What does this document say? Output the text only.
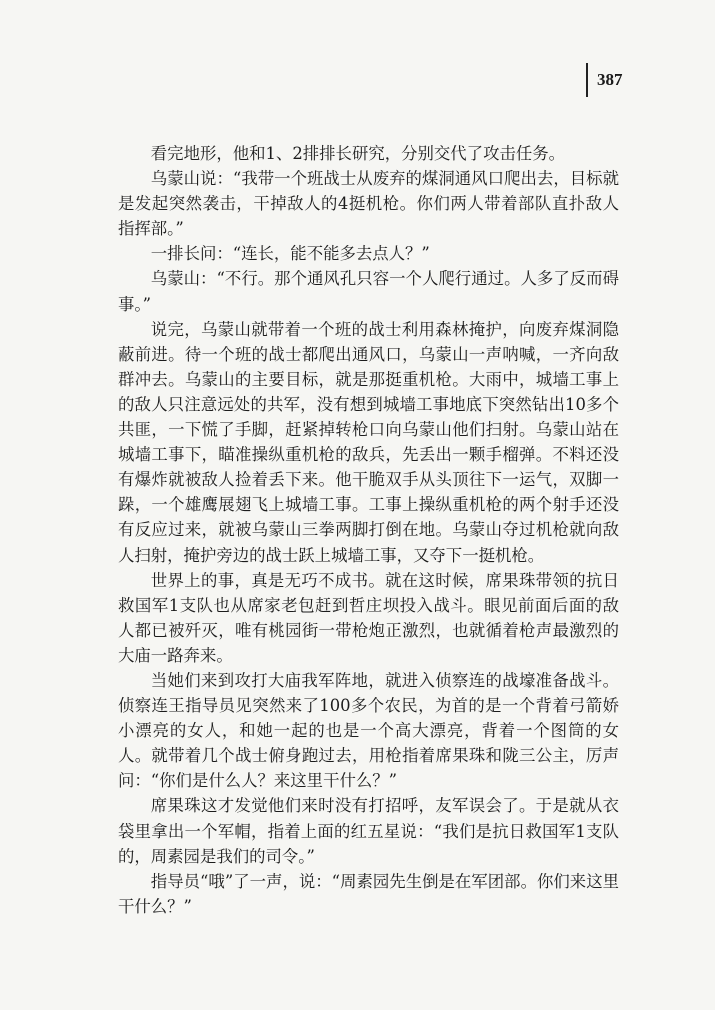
387

看完地形，他和1、2排排长研究，分别交代了攻击任务。

乌蒙山说：“我带一个班战士从废弃的煤洞通风口爬出去，目标就是发起突然袭击，干掉敌人的4挺机枪。你们两人带着部队直扑敌人指挥部。”

一排长问：“连长，能不能多去点人？”

乌蒙山：“不行。那个通风孔只容一个人爬行通过。人多了反而碍事。”

说完，乌蒙山就带着一个班的战士利用森林掩护，向废弃煤洞隐蔽前进。待一个班的战士都爬出通风口，乌蒙山一声呐喊，一齐向敌群冲去。乌蒙山的主要目标，就是那挺重机枪。大雨中，城墙工事上的敌人只注意远处的共军，没有想到城墙工事地底下突然钻出10多个共匪，一下慌了手脚，赶紧掉转枪口向乌蒙山他们扫射。乌蒙山站在城墙工事下，瞄准操纵重机枪的敌兵，先丢出一颗手榴弹。不料还没有爆炸就被敌人捡着丢下来。他干脆双手从头顶往下一运气，双脚一跺，一个雄鹰展翅飞上城墙工事。工事上操纵重机枪的两个射手还没有反应过来，就被乌蒙山三拳两脚打倒在地。乌蒙山夺过机枪就向敌人扫射，掩护旁边的战士跃上城墙工事，又夺下一挺机枪。

世界上的事，真是无巧不成书。就在这时候，席果珠带领的抗日救国军1支队也从席家老包赶到哲庄坝投入战斗。眼见前面后面的敌人都已被歼灭，唯有桃园街一带枪炮正激烈，也就循着枪声最激烈的大庙一路奔来。

当她们来到攻打大庙我军阵地，就进入侦察连的战壕准备战斗。侦察连王指导员见突然来了100多个农民，为首的是一个背着弓箭娇小漂亮的女人，和她一起的也是一个高大漂亮，背着一个图筒的女人。就带着几个战士俯身跑过去，用枪指着席果珠和陇三公主，厉声问：“你们是什么人？来这里干什么？”

席果珠这才发觉他们来时没有打招呼，友军误会了。于是就从衣袋里拿出一个军帽，指着上面的红五星说：“我们是抗日救国军1支队的，周素园是我们的司令。”

指导员“哦”了一声，说：“周素园先生倒是在军团部。你们来这里干什么？”
